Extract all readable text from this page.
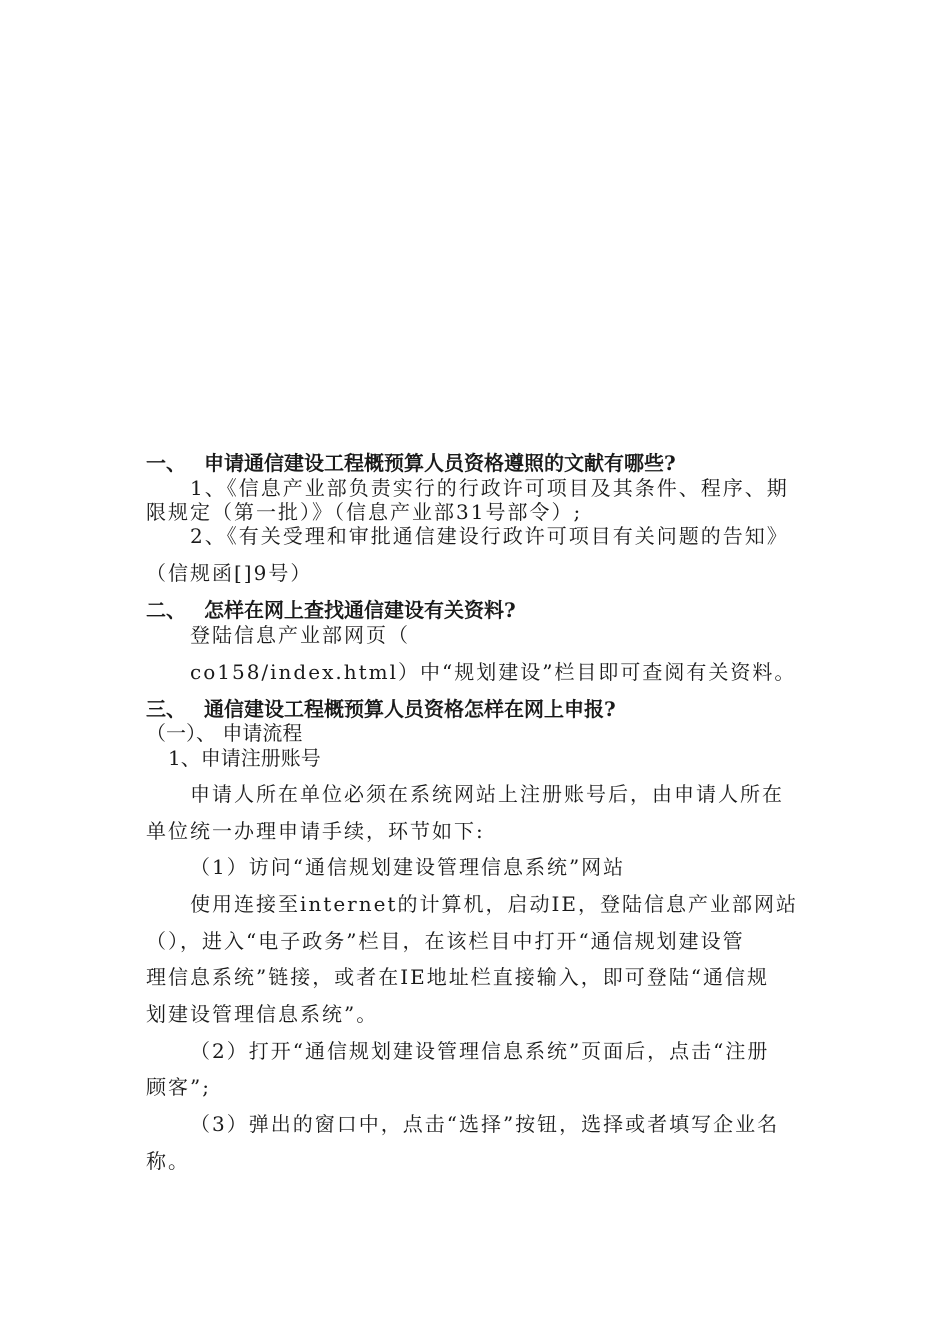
一、 申请通信建设工程概预算人员资格遵照的文献有哪些?
1、《信息产业部负责实行的行政许可项目及其条件、程序、期
限规定（第一批）》（信息产业部31号部令）;
2、《有关受理和审批通信建设行政许可项目有关问题的告知》
（信规函[]9号）
二、 怎样在网上查找通信建设有关资料?
登陆信息产业部网页（
co158/index.html）中“规划建设”栏目即可查阅有关资料。
三、 通信建设工程概预算人员资格怎样在网上申报?
（一）、 申请流程
1、申请注册账号
申请人所在单位必须在系统网站上注册账号后，由申请人所在
单位统一办理申请手续，环节如下:
（1）访问“通信规划建设管理信息系统”网站
使用连接至internet的计算机，启动IE，登陆信息产业部网站
（），进入“电子政务”栏目，在该栏目中打开“通信规划建设管
理信息系统”链接，或者在IE地址栏直接输入，即可登陆“通信规
划建设管理信息系统”。
（2）打开“通信规划建设管理信息系统”页面后，点击“注册
顾客”;
（3）弹出的窗口中，点击“选择”按钮，选择或者填写企业名
称。
